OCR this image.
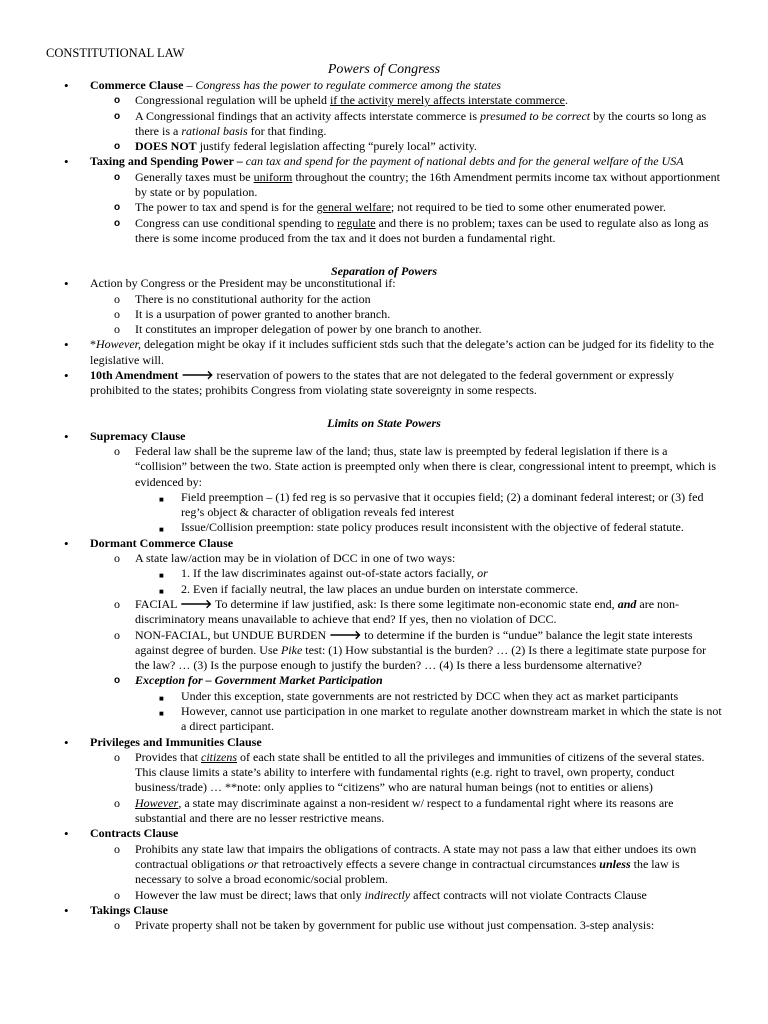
CONSTITUTIONAL LAW
Powers of Congress
• Commerce Clause – Congress has the power to regulate commerce among the states
o Congressional regulation will be upheld if the activity merely affects interstate commerce.
o A Congressional findings that an activity affects interstate commerce is presumed to be correct by the courts so long as there is a rational basis for that finding.
o DOES NOT justify federal legislation affecting “purely local” activity.
• Taxing and Spending Power – can tax and spend for the payment of national debts and for the general welfare of the USA
o Generally taxes must be uniform throughout the country; the 16th Amendment permits income tax without apportionment by state or by population.
o The power to tax and spend is for the general welfare; not required to be tied to some other enumerated power.
o Congress can use conditional spending to regulate and there is no problem; taxes can be used to regulate also as long as there is some income produced from the tax and it does not burden a fundamental right.
• Action by Congress or the President may be unconstitutional if:
o There is no constitutional authority for the action
o It is a usurpation of power granted to another branch.
o It constitutes an improper delegation of power by one branch to another.
• *However, delegation might be okay if it includes sufficient stds such that the delegate’s action can be judged for its fidelity to the legislative will.
• 10th Amendment 🡒 reservation of powers to the states that are not delegated to the federal government or expressly prohibited to the states; prohibits Congress from violating state sovereignty in some respects.
• Supremacy Clause
o Federal law shall be the supreme law of the land; thus, state law is preempted by federal legislation if there is a “collision” between the two. State action is preempted only when there is clear, congressional intent to preempt, which is evidenced by:
■ Field preemption – (1) fed reg is so pervasive that it occupies field; (2) a dominant federal interest; or (3) fed reg’s object & character of obligation reveals fed interest
■ Issue/Collision preemption: state policy produces result inconsistent with the objective of federal statute.
• Dormant Commerce Clause
o A state law/action may be in violation of DCC in one of two ways:
■ 1. If the law discriminates against out-of-state actors facially, or
■ 2. Even if facially neutral, the law places an undue burden on interstate commerce.
o FACIAL 🡒 To determine if law justified, ask: Is there some legitimate non-economic state end, and are non-discriminatory means unavailable to achieve that end? If yes, then no violation of DCC.
o NON-FACIAL, but UNDUE BURDEN 🡒 to determine if the burden is “undue” balance the legit state interests against degree of burden. Use Pike test: (1) How substantial is the burden? … (2) Is there a legitimate state purpose for the law? … (3) Is the purpose enough to justify the burden? … (4) Is there a less burdensome alternative?
o Exception for – Government Market Participation
■ Under this exception, state governments are not restricted by DCC when they act as market participants
■ However, cannot use participation in one market to regulate another downstream market in which the state is not a direct participant.
• Privileges and Immunities Clause
o Provides that citizens of each state shall be entitled to all the privileges and immunities of citizens of the several states. This clause limits a state’s ability to interfere with fundamental rights (e.g. right to travel, own property, conduct business/trade) … **note: only applies to “citizens” who are natural human beings (not to entities or aliens)
o However, a state may discriminate against a non-resident w/ respect to a fundamental right where its reasons are substantial and there are no lesser restrictive means.
• Contracts Clause
o Prohibits any state law that impairs the obligations of contracts. A state may not pass a law that either undoes its own contractual obligations or that retroactively effects a severe change in contractual circumstances unless the law is necessary to solve a broad economic/social problem.
o However the law must be direct; laws that only indirectly affect contracts will not violate Contracts Clause
• Takings Clause
o Private property shall not be taken by government for public use without just compensation. 3-step analysis:
Separation of Powers
Limits on State Powers
